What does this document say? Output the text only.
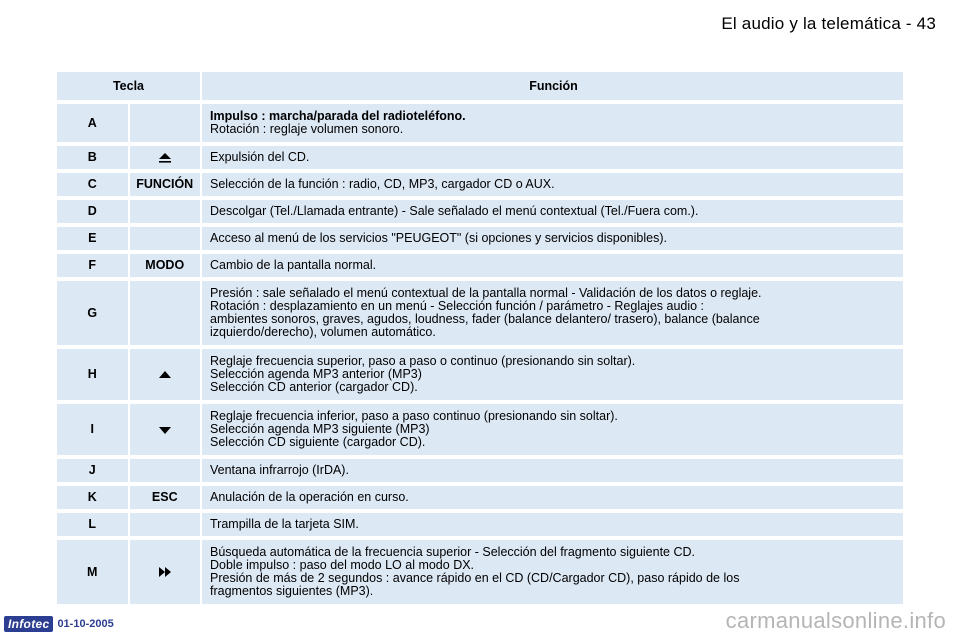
El audio y la telemática - 43
Tecla		Función
A		Impulso : marcha/parada del radioteléfono.
Rotación : reglaje volumen sonoro.

B		Expulsión del CD.

C	FUNCIÓN	Selección de la función : radio, CD, MP3, cargador CD o AUX.

D		Descolgar (Tel./Llamada entrante) - Sale señalado el menú contextual (Tel./Fuera com.).

E		Acceso al menú de los servicios "PEUGEOT" (si opciones y servicios disponibles).

F	MODO	Cambio de la pantalla normal.

G		Presión : sale señalado el menú contextual de la pantalla normal - Validación de los datos o reglaje.
Rotación : desplazamiento en un menú - Selección función / parámetro - Reglajes audio :
ambientes sonoros, graves, agudos, loudness, fader (balance delantero/ trasero), balance (balance
izquierdo/derecho), volumen automático.

H		Reglaje frecuencia superior, paso a paso o continuo (presionando sin soltar).
Selección agenda MP3 anterior (MP3)
Selección CD anterior (cargador CD).

I		Reglaje frecuencia inferior, paso a paso continuo (presionando sin soltar).
Selección agenda MP3 siguiente (MP3)
Selección CD siguiente (cargador CD).

J		Ventana infrarrojo (IrDA).

K	ESC	Anulación de la operación en curso.

L		Trampilla de la tarjeta SIM.

M		Búsqueda automática de la frecuencia superior - Selección del fragmento siguiente CD.
Doble impulso : paso del modo LO al modo DX.
Presión de más de 2 segundos : avance rápido en el CD (CD/Cargador CD), paso rápido de los
fragmentos siguientes (MP3).
Infotec 01-10-2005	carmanualsonline.info
